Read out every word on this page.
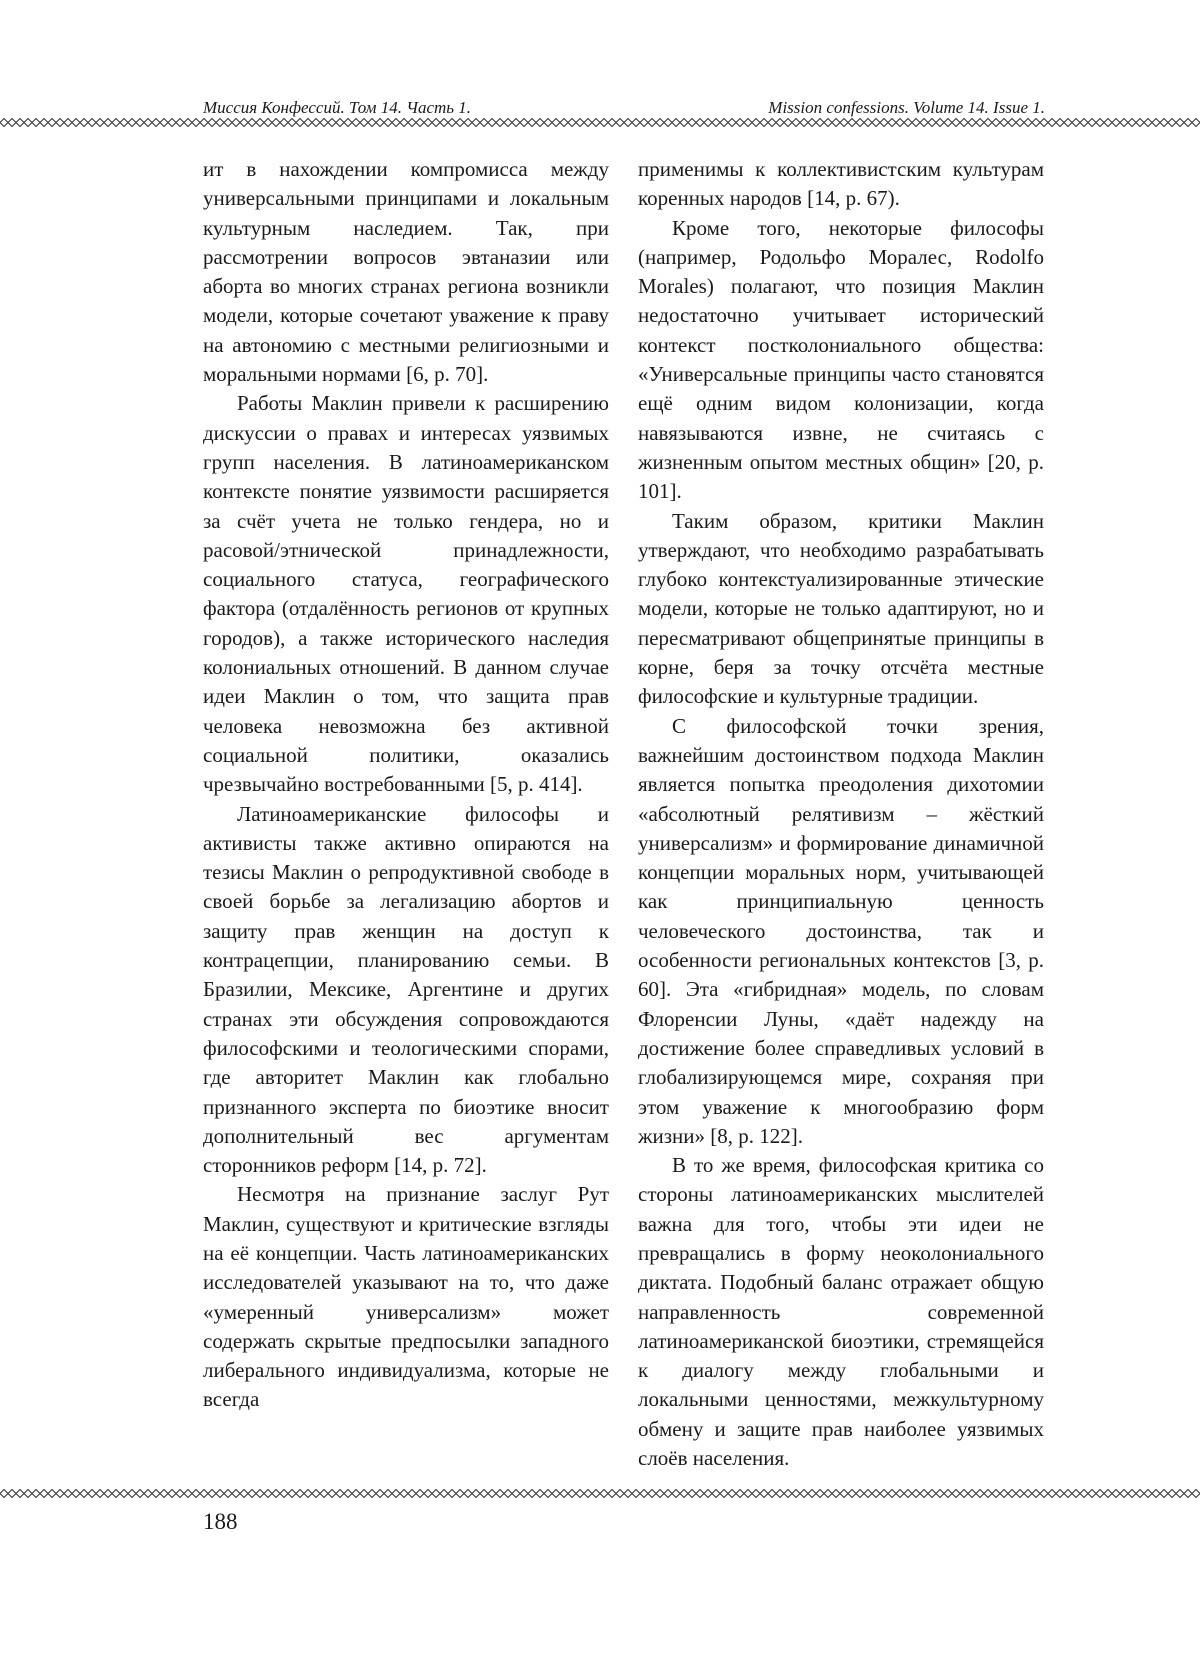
Миссия Конфессий. Том 14. Часть 1.	Mission confessions. Volume 14. Issue 1.

ит в нахождении компромисса между универсальными принципами и локальным культурным наследием. Так, при рассмотрении вопросов эвтаназии или аборта во многих странах региона возникли модели, которые сочетают уважение к праву на автономию с местными религиозными и моральными нормами [6, p. 70].

Работы Маклин привели к расширению дискуссии о правах и интересах уязвимых групп населения. В латиноамериканском контексте понятие уязвимости расширяется за счёт учета не только гендера, но и расовой/этнической принадлежности, социального статуса, географического фактора (отдалённость регионов от крупных городов), а также исторического наследия колониальных отношений. В данном случае идеи Маклин о том, что защита прав человека невозможна без активной социальной политики, оказались чрезвычайно востребованными [5, p. 414].

Латиноамериканские философы и активисты также активно опираются на тезисы Маклин о репродуктивной свободе в своей борьбе за легализацию абортов и защиту прав женщин на доступ к контрацепции, планированию семьи. В Бразилии, Мексике, Аргентине и других странах эти обсуждения сопровождаются философскими и теологическими спорами, где авторитет Маклин как глобально признанного эксперта по биоэтике вносит дополнительный вес аргументам сторонников реформ [14, p. 72].

Несмотря на признание заслуг Рут Маклин, существуют и критические взгляды на её концепции. Часть латиноамериканских исследователей указывают на то, что даже «умеренный универсализм» может содержать скрытые предпосылки западного либерального индивидуализма, которые не всегда

применимы к коллективистским культурам коренных народов [14, p. 67).

Кроме того, некоторые философы (например, Родольфо Моралес, Rodolfo Morales) полагают, что позиция Маклин недостаточно учитывает исторический контекст постколониального общества: «Универсальные принципы часто становятся ещё одним видом колонизации, когда навязываются извне, не считаясь с жизненным опытом местных общин» [20, p. 101].

Таким образом, критики Маклин утверждают, что необходимо разрабатывать глубоко контекстуализированные этические модели, которые не только адаптируют, но и пересматривают общепринятые принципы в корне, беря за точку отсчёта местные философские и культурные традиции.

С философской точки зрения, важнейшим достоинством подхода Маклин является попытка преодоления дихотомии «абсолютный релятивизм – жёсткий универсализм» и формирование динамичной концепции моральных норм, учитывающей как принципиальную ценность человеческого достоинства, так и особенности региональных контекстов [3, p. 60]. Эта «гибридная» модель, по словам Флоренсии Луны, «даёт надежду на достижение более справедливых условий в глобализирующемся мире, сохраняя при этом уважение к многообразию форм жизни» [8, p. 122].

В то же время, философская критика со стороны латиноамериканских мыслителей важна для того, чтобы эти идеи не превращались в форму неоколониального диктата. Подобный баланс отражает общую направленность современной латиноамериканской биоэтики, стремящейся к диалогу между глобальными и локальными ценностями, межкультурному обмену и защите прав наиболее уязвимых слоёв населения.

188
